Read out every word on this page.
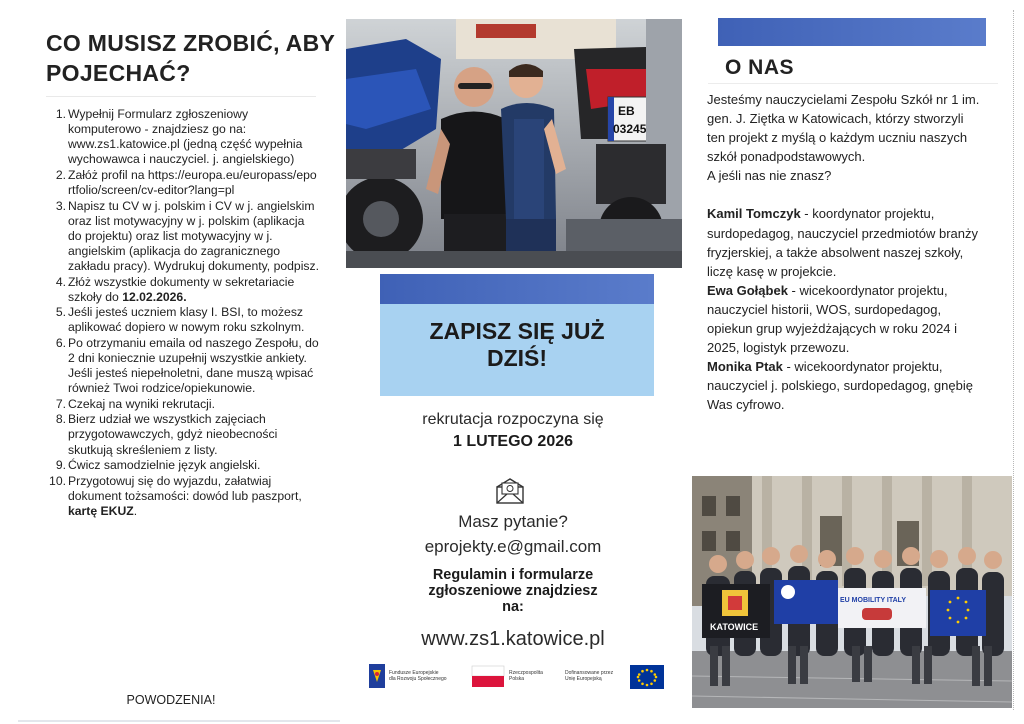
CO MUSISZ ZROBIĆ, ABY
POJECHAĆ?
1. Wypełnij Formularz zgłoszeniowy komputerowo - znajdziesz go na: www.zs1.katowice.pl (jedną część wypełnia wychowawca i nauczyciel. j. angielskiego)
2. Załóż profil na https://europa.eu/europass/eportfolio/screen/cv-editor?lang=pl
3. Napisz tu CV w j. polskim i CV w j. angielskim oraz list motywacyjny w j. polskim (aplikacja do projektu) oraz list motywacyjny w j. angielskim (aplikacja do zagranicznego zakładu pracy). Wydrukuj dokumenty, podpisz.
4. Złóż wszystkie dokumenty w sekretariacie szkoły do 12.02.2026.
5. Jeśli jesteś uczniem klasy I. BSI, to możesz aplikować dopiero w nowym roku szkolnym.
6. Po otrzymaniu emaila od naszego Zespołu, do 2 dni koniecznie uzupełnij wszystkie ankiety. Jeśli jesteś niepełnoletni, dane muszą wpisać również Twoi rodzice/opiekunowie.
7. Czekaj na wyniki rekrutacji.
8. Bierz udział we wszystkich zajęciach przygotowawczych, gdyż nieobecności skutkują skreśleniem z listy.
9. Ćwicz samodzielnie język angielski.
10. Przygotowuj się do wyjazdu, załatwiaj dokument tożsamości: dowód lub paszport, kartę EKUZ.
POWODZENIA!
EB
03245
ZAPISZ SIĘ JUŻ
DZIŚ!
rekrutacja rozpoczyna się
1 LUTEGO 2026
Masz pytanie?
eprojekty.e@gmail.com
Regulamin i formularze
zgłoszeniowe znajdziesz
na:
www.zs1.katowice.pl
Fundusze Europejskie
dla Rozwoju Społecznego
Rzeczpospolita
Polska
Dofinansowane przez
Unię Europejską
O NAS
Jesteśmy nauczycielami Zespołu Szkół nr 1 im. gen. J. Ziętka w Katowicach, którzy stworzyli ten projekt z myślą o każdym uczniu naszych szkół ponadpodstawowych.
A jeśli nas nie znasz?
Kamil Tomczyk - koordynator projektu, surdopedagog, nauczyciel przedmiotów branży fryzjerskiej, a także absolwent naszej szkoły, liczę kasę w projekcie.
Ewa Gołąbek - wicekoordynator projektu, nauczyciel historii, WOS, surdopedagog, opiekun grup wyjeżdżających w roku 2024 i 2025, logistyk przewozu.
Monika Ptak - wicekoordynator projektu, nauczyciel j. polskiego, surdopedagog, gnębię Was cyfrowo.
KATOWICE
EU MOBILITY ITALY
